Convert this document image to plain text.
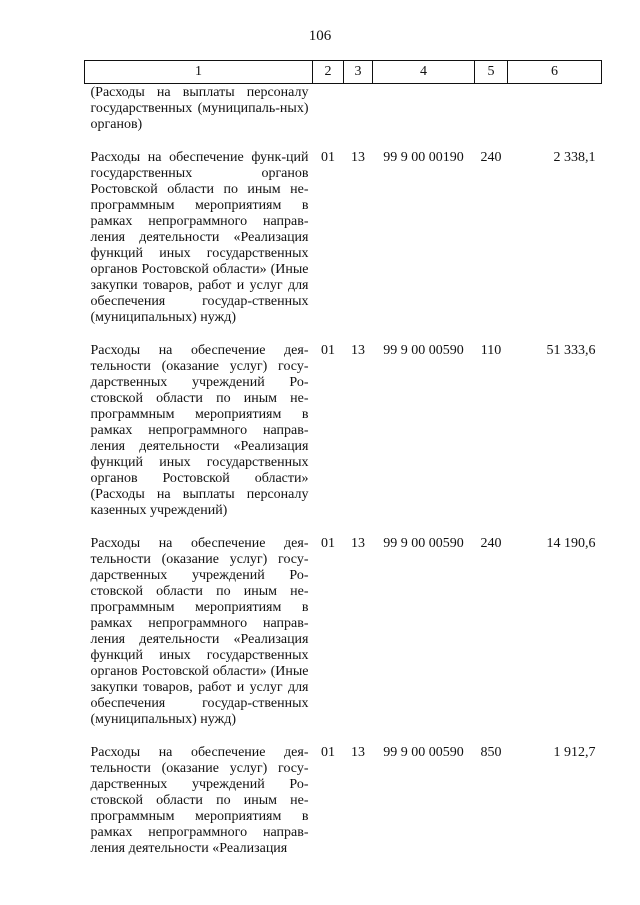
106
1	2	3	4	5	6
(Расходы на выплаты персоналу государственных (муниципаль-ных) органов)					
Расходы на обеспечение функ-ций государственных органов Ростовской области по иным не-программным мероприятиям в рамках непрограммного направ-ления деятельности «Реализация функций иных государственных органов Ростовской области» (Иные закупки товаров, работ и услуг для обеспечения государ-ственных (муниципальных) нужд)	01	13	99 9 00 00190	240	2 338,1
Расходы на обеспечение дея-тельности (оказание услуг) госу-дарственных учреждений Ро-стовской области по иным не-программным мероприятиям в рамках непрограммного направ-ления деятельности «Реализация функций иных государственных органов Ростовской области» (Расходы на выплаты персоналу казенных учреждений)	01	13	99 9 00 00590	110	51 333,6
Расходы на обеспечение дея-тельности (оказание услуг) госу-дарственных учреждений Ро-стовской области по иным не-программным мероприятиям в рамках непрограммного направ-ления деятельности «Реализация функций иных государственных органов Ростовской области» (Иные закупки товаров, работ и услуг для обеспечения государ-ственных (муниципальных) нужд)	01	13	99 9 00 00590	240	14 190,6
Расходы на обеспечение дея-тельности (оказание услуг) госу-дарственных учреждений Ро-стовской области по иным не-программным мероприятиям в рамках непрограммного направ-ления деятельности «Реализация	01	13	99 9 00 00590	850	1 912,7
